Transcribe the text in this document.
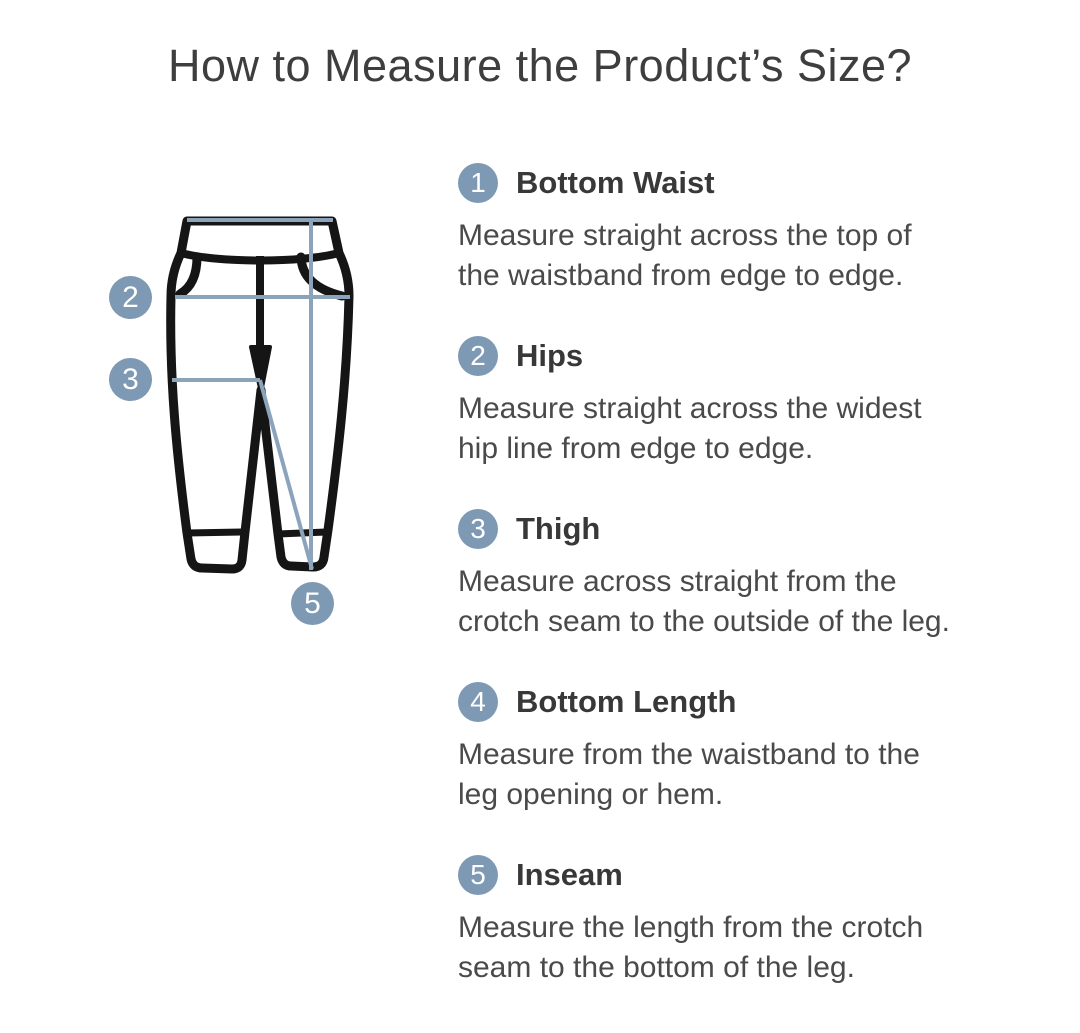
How to Measure the Product’s Size?
2
3
5
1 Bottom Waist

Measure straight across the top of
the waistband from edge to edge.

2 Hips

Measure straight across the widest
hip line from edge to edge.

3 Thigh

Measure across straight from the
crotch seam to the outside of the leg.

4 Bottom Length

Measure from the waistband to the
leg opening or hem.

5 Inseam

Measure the length from the crotch
seam to the bottom of the leg.
